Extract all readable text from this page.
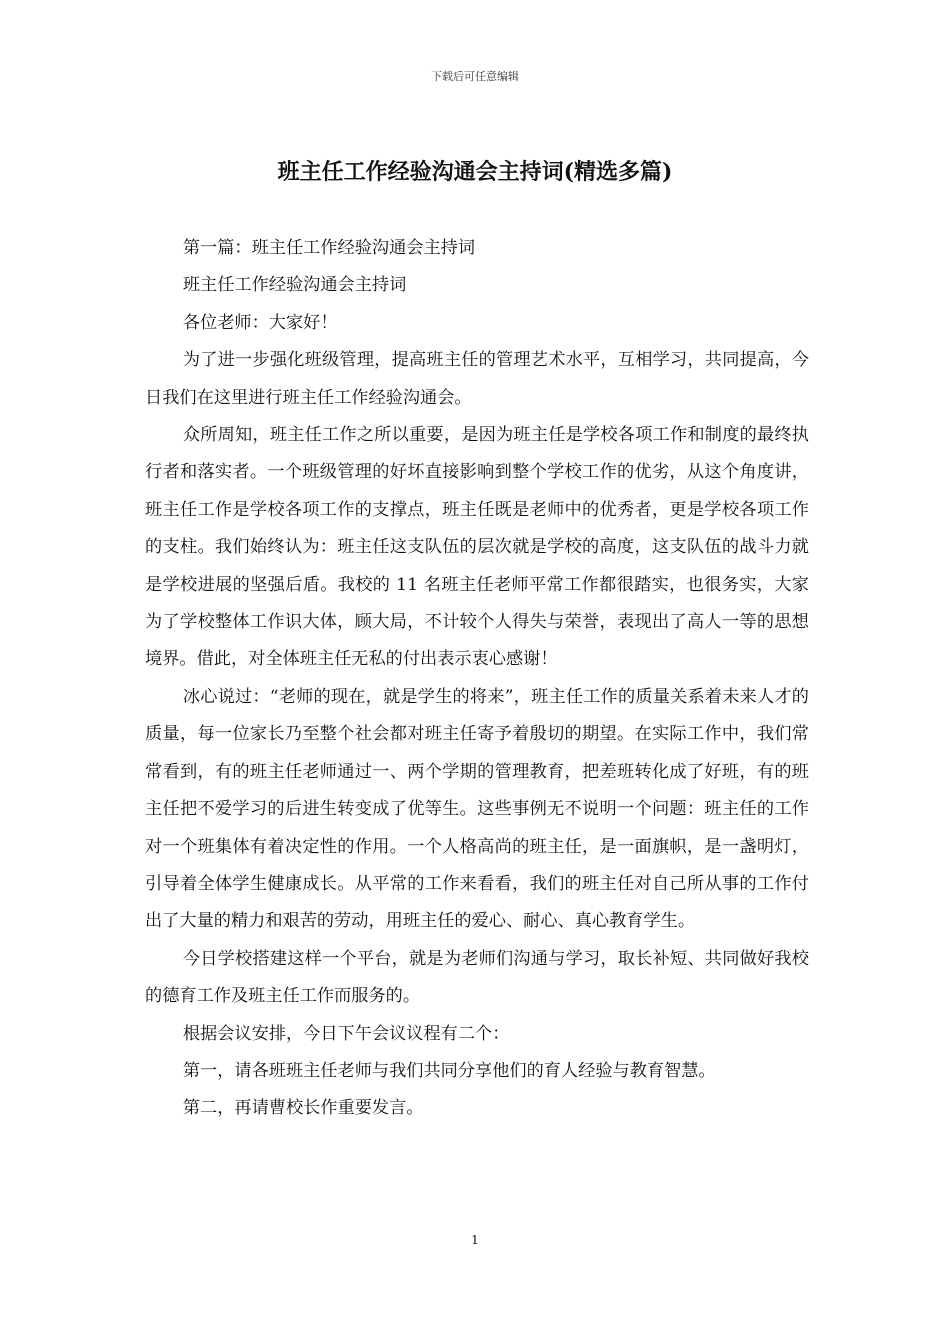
下载后可任意编辑
班主任工作经验沟通会主持词(精选多篇)

第一篇：班主任工作经验沟通会主持词

班主任工作经验沟通会主持词

各位老师：大家好！

为了进一步强化班级管理，提高班主任的管理艺术水平，互相学习，共同提高，今日我们在这里进行班主任工作经验沟通会。

众所周知，班主任工作之所以重要，是因为班主任是学校各项工作和制度的最终执行者和落实者。一个班级管理的好坏直接影响到整个学校工作的优劣，从这个角度讲，班主任工作是学校各项工作的支撑点，班主任既是老师中的优秀者，更是学校各项工作的支柱。我们始终认为：班主任这支队伍的层次就是学校的高度，这支队伍的战斗力就是学校进展的坚强后盾。我校的 11 名班主任老师平常工作都很踏实，也很务实，大家为了学校整体工作识大体，顾大局，不计较个人得失与荣誉，表现出了高人一等的思想境界。借此，对全体班主任无私的付出表示衷心感谢！

冰心说过：“老师的现在，就是学生的将来”，班主任工作的质量关系着未来人才的质量，每一位家长乃至整个社会都对班主任寄予着殷切的期望。在实际工作中，我们常常看到，有的班主任老师通过一、两个学期的管理教育，把差班转化成了好班，有的班主任把不爱学习的后进生转变成了优等生。这些事例无不说明一个问题：班主任的工作对一个班集体有着决定性的作用。一个人格高尚的班主任，是一面旗帜，是一盏明灯，引导着全体学生健康成长。从平常的工作来看看，我们的班主任对自己所从事的工作付出了大量的精力和艰苦的劳动，用班主任的爱心、耐心、真心教育学生。

今日学校搭建这样一个平台，就是为老师们沟通与学习，取长补短、共同做好我校的德育工作及班主任工作而服务的。

根据会议安排，今日下午会议议程有二个：

第一，请各班班主任老师与我们共同分享他们的育人经验与教育智慧。

第二，再请曹校长作重要发言。

1
